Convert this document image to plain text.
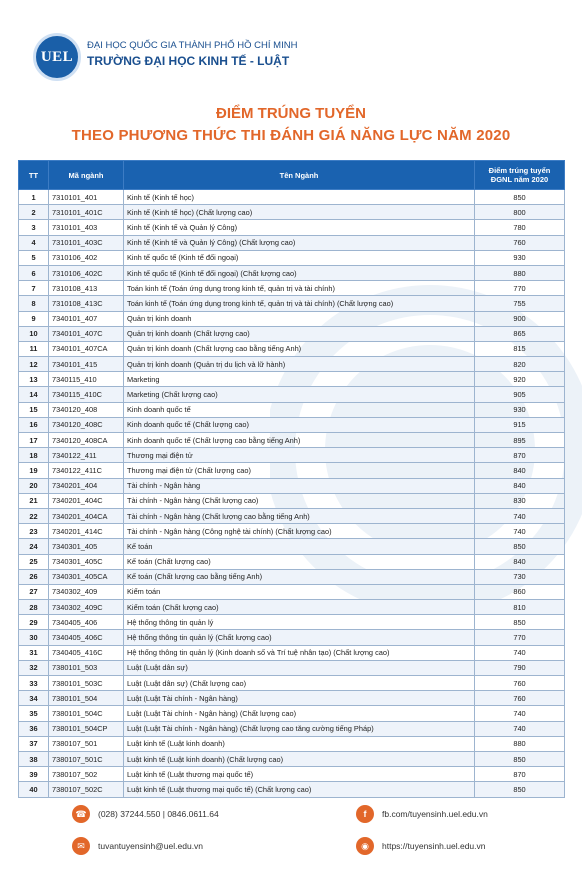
UEL
ĐẠI HỌC QUỐC GIA THÀNH PHỐ HỒ CHÍ MINH
TRƯỜNG ĐẠI HỌC KINH TẾ - LUẬT
ĐIỂM TRÚNG TUYỂN
THEO PHƯƠNG THỨC THI ĐÁNH GIÁ NĂNG LỰC NĂM 2020
TT	Mã ngành	Tên Ngành	Điểm trúng tuyển
ĐGNL năm 2020

1	7310101_401	Kinh tế (Kinh tế học)	850
2	7310101_401C	Kinh tế (Kinh tế học) (Chất lượng cao)	800
3	7310101_403	Kinh tế (Kinh tế và Quản lý Công)	780
4	7310101_403C	Kinh tế (Kinh tế và Quản lý Công) (Chất lượng cao)	760
5	7310106_402	Kinh tế quốc tế (Kinh tế đối ngoại)	930
6	7310106_402C	Kinh tế quốc tế (Kinh tế đối ngoại) (Chất lượng cao)	880
7	7310108_413	Toán kinh tế (Toán ứng dụng trong kinh tế, quản trị và tài chính)	770
8	7310108_413C	Toán kinh tế (Toán ứng dụng trong kinh tế, quản trị và tài chính) (Chất lượng cao)	755
9	7340101_407	Quản trị kinh doanh	900
10	7340101_407C	Quản trị kinh doanh (Chất lượng cao)	865
11	7340101_407CA	Quản trị kinh doanh (Chất lượng cao bằng tiếng Anh)	815
12	7340101_415	Quản trị kinh doanh (Quản trị du lịch và lữ hành)	820
13	7340115_410	Marketing	920
14	7340115_410C	Marketing (Chất lượng cao)	905
15	7340120_408	Kinh doanh quốc tế	930
16	7340120_408C	Kinh doanh quốc tế (Chất lượng cao)	915
17	7340120_408CA	Kinh doanh quốc tế (Chất lượng cao bằng tiếng Anh)	895
18	7340122_411	Thương mại điện tử	870
19	7340122_411C	Thương mại điện tử (Chất lượng cao)	840
20	7340201_404	Tài chính - Ngân hàng	840
21	7340201_404C	Tài chính - Ngân hàng (Chất lượng cao)	830
22	7340201_404CA	Tài chính - Ngân hàng (Chất lượng cao bằng tiếng Anh)	740
23	7340201_414C	Tài chính - Ngân hàng (Công nghệ tài chính) (Chất lượng cao)	740
24	7340301_405	Kế toán	850
25	7340301_405C	Kế toán (Chất lượng cao)	840
26	7340301_405CA	Kế toán (Chất lượng cao bằng tiếng Anh)	730
27	7340302_409	Kiểm toán	860
28	7340302_409C	Kiểm toán (Chất lượng cao)	810
29	7340405_406	Hệ thống thông tin quản lý	850
30	7340405_406C	Hệ thống thông tin quản lý (Chất lượng cao)	770
31	7340405_416C	Hệ thống thông tin quản lý (Kinh doanh số và Trí tuệ nhân tạo) (Chất lượng cao)	740
32	7380101_503	Luật (Luật dân sự)	790
33	7380101_503C	Luật (Luật dân sự) (Chất lượng cao)	760
34	7380101_504	Luật (Luật Tài chính - Ngân hàng)	760
35	7380101_504C	Luật (Luật Tài chính - Ngân hàng) (Chất lượng cao)	740
36	7380101_504CP	Luật (Luật Tài chính - Ngân hàng) (Chất lượng cao tăng cường tiếng Pháp)	740
37	7380107_501	Luật kinh tế (Luật kinh doanh)	880
38	7380107_501C	Luật kinh tế (Luật kinh doanh) (Chất lượng cao)	850
39	7380107_502	Luật kinh tế (Luật thương mại quốc tế)	870
40	7380107_502C	Luật kinh tế (Luật thương mại quốc tế) (Chất lượng cao)	850
☎	(028) 37244.550 | 0846.0611.64
✉	tuvantuyensinh@uel.edu.vn
f	fb.com/tuyensinh.uel.edu.vn
◉	https://tuyensinh.uel.edu.vn
